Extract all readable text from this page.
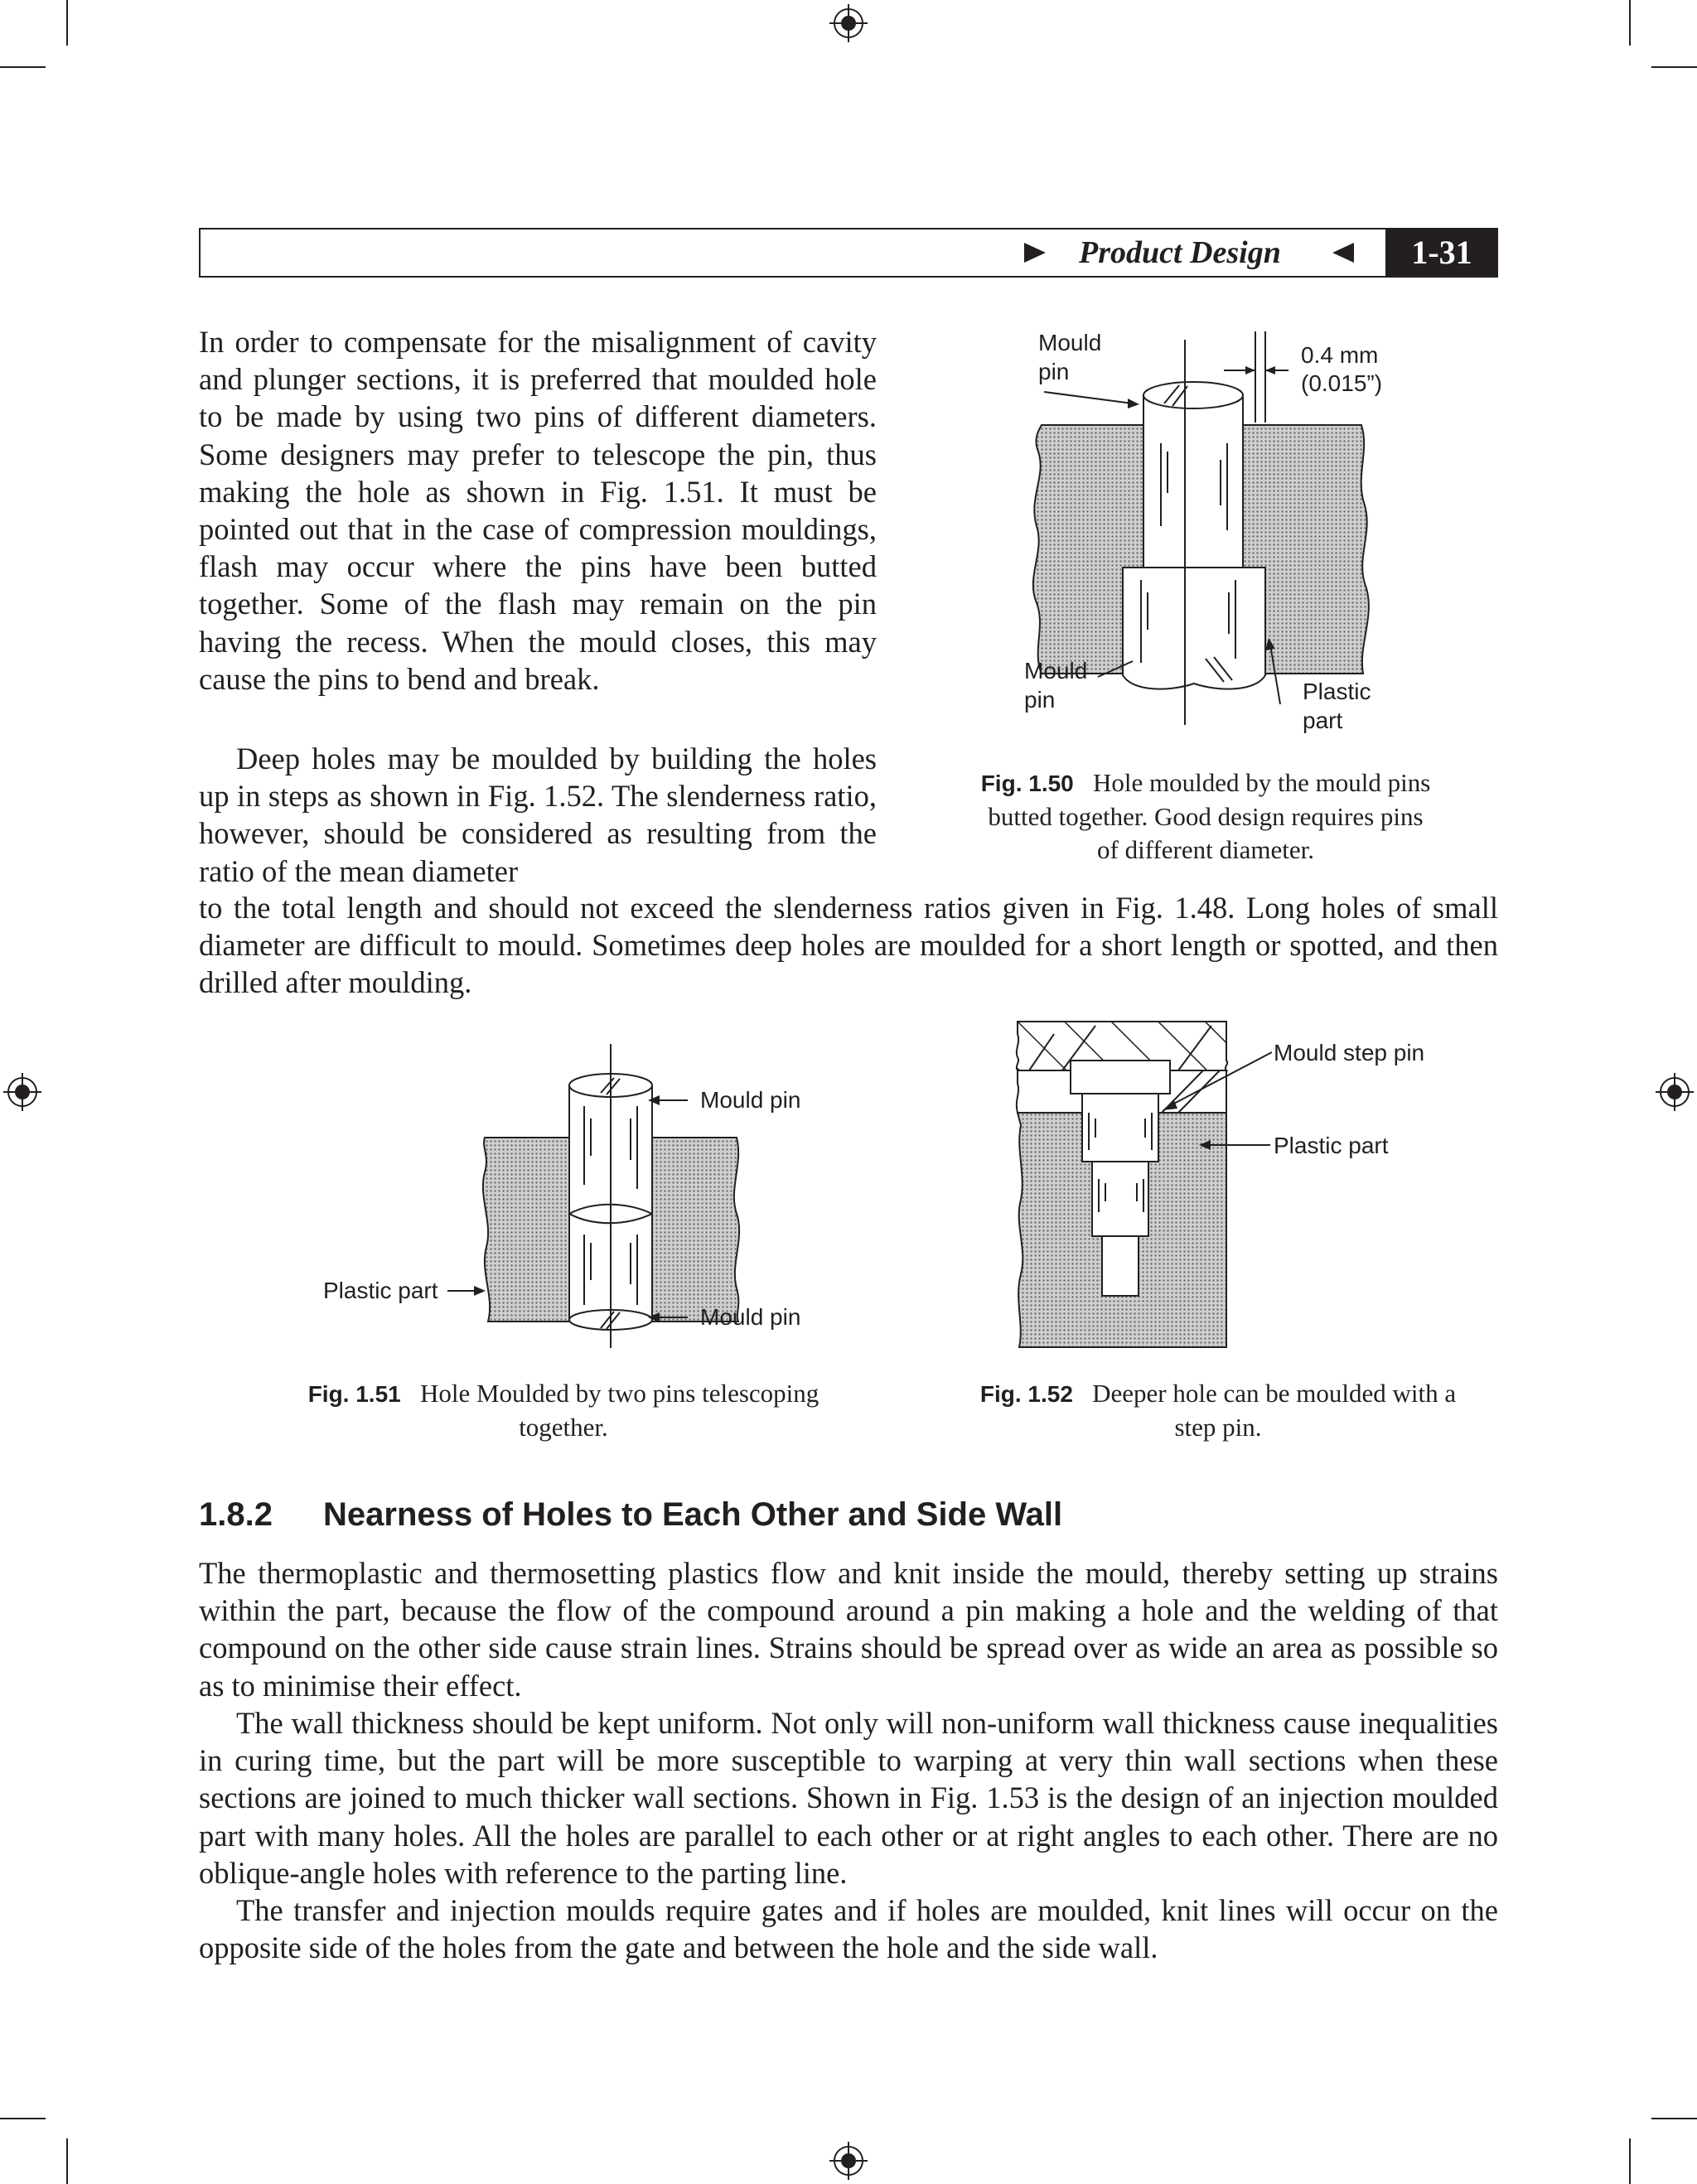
Product Design	1-31

In order to compensate for the misalignment of cavity and plunger sections, it is preferred that moulded hole to be made by using two pins of different diameters. Some designers may prefer to telescope the pin, thus making the hole as shown in Fig. 1.51. It must be pointed out that in the case of compression mouldings, flash may occur where the pins have been butted together. Some of the flash may remain on the pin having the recess. When the mould closes, this may cause the pins to bend and break.

Deep holes may be moulded by building the holes up in steps as shown in Fig. 1.52. The slenderness ratio, however, should be considered as resulting from the ratio of the mean diameter

to the total length and should not exceed the slenderness ratios given in Fig. 1.48. Long holes of small diameter are difficult to mould. Sometimes deep holes are moulded for a short length or spotted, and then drilled after moulding.

Mould
pin
0.4 mm
(0.015”)
Mould
pin	Plastic
part
Fig. 1.50 Hole moulded by the mould pins
butted together. Good design requires pins
of different diameter.
Mould pin
Plastic part
Mould pin
Fig. 1.51 Hole Moulded by two pins telescoping
together.
Mould step pin
Plastic part
Fig. 1.52 Deeper hole can be moulded with a
step pin.
1.8.2 Nearness of Holes to Each Other and Side Wall

The thermoplastic and thermosetting plastics flow and knit inside the mould, thereby setting up strains within the part, because the flow of the compound around a pin making a hole and the welding of that compound on the other side cause strain lines. Strains should be spread over as wide an area as possible so as to minimise their effect.

The wall thickness should be kept uniform. Not only will non-uniform wall thickness cause inequalities in curing time, but the part will be more susceptible to warping at very thin wall sections when these sections are joined to much thicker wall sections. Shown in Fig. 1.53 is the design of an injection moulded part with many holes. All the holes are parallel to each other or at right angles to each other. There are no oblique-angle holes with reference to the parting line.

The transfer and injection moulds require gates and if holes are moulded, knit lines will occur on the opposite side of the holes from the gate and between the hole and the side wall.
